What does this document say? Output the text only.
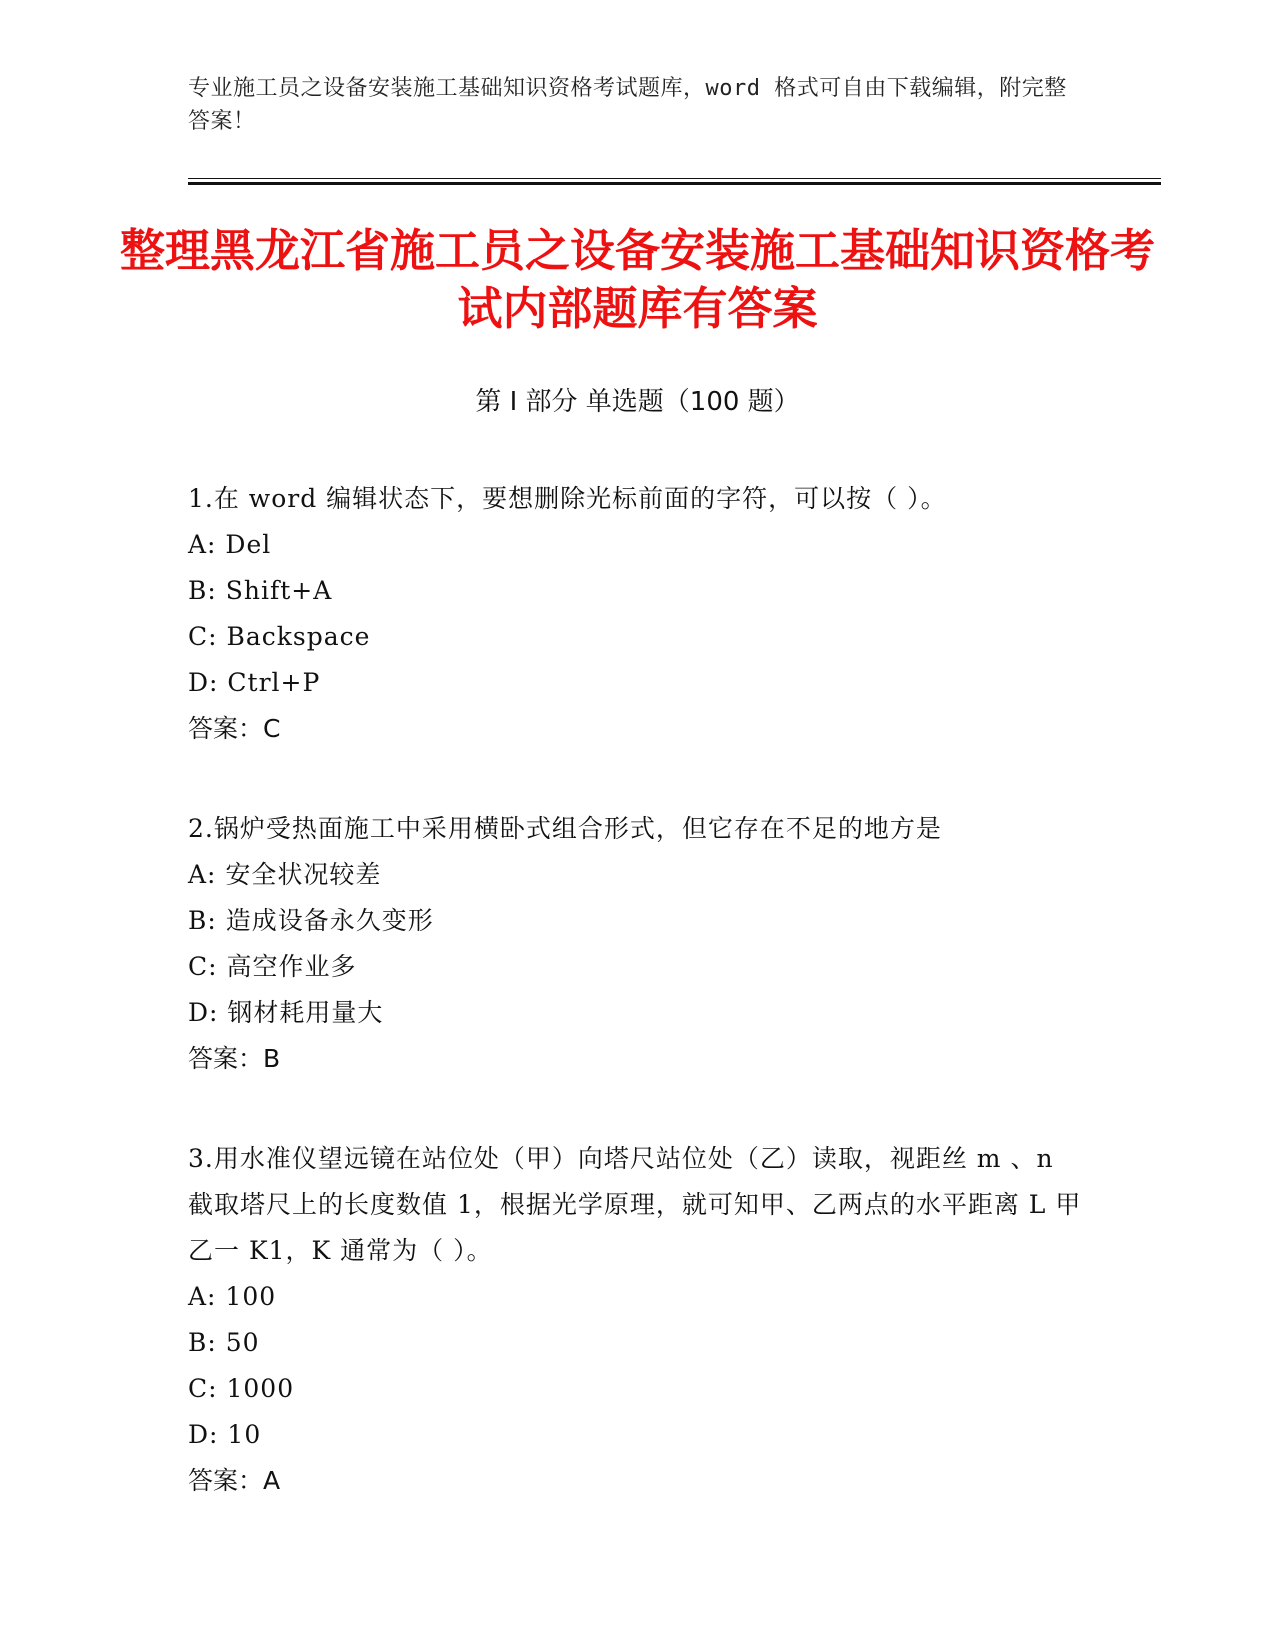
专业施工员之设备安装施工基础知识资格考试题库，word 格式可自由下载编辑，附完整答案！
整理黑龙江省施工员之设备安装施工基础知识资格考试内部题库有答案
第 I 部分 单选题（100 题）
1.在 word 编辑状态下，要想删除光标前面的字符，可以按（ ）。
A: Del
B: Shift+A
C: Backspace
D: Ctrl+P
答案：C
2.锅炉受热面施工中采用横卧式组合形式，但它存在不足的地方是
A: 安全状况较差
B: 造成设备永久变形
C: 高空作业多
D: 钢材耗用量大
答案：B
3.用水准仪望远镜在站位处（甲）向塔尺站位处（乙）读取，视距丝 m 、n 截取塔尺上的长度数值 1，根据光学原理，就可知甲、乙两点的水平距离 L 甲乙一 K1，K 通常为（ ）。
A: 100
B: 50
C: 1000
D: 10
答案：A
